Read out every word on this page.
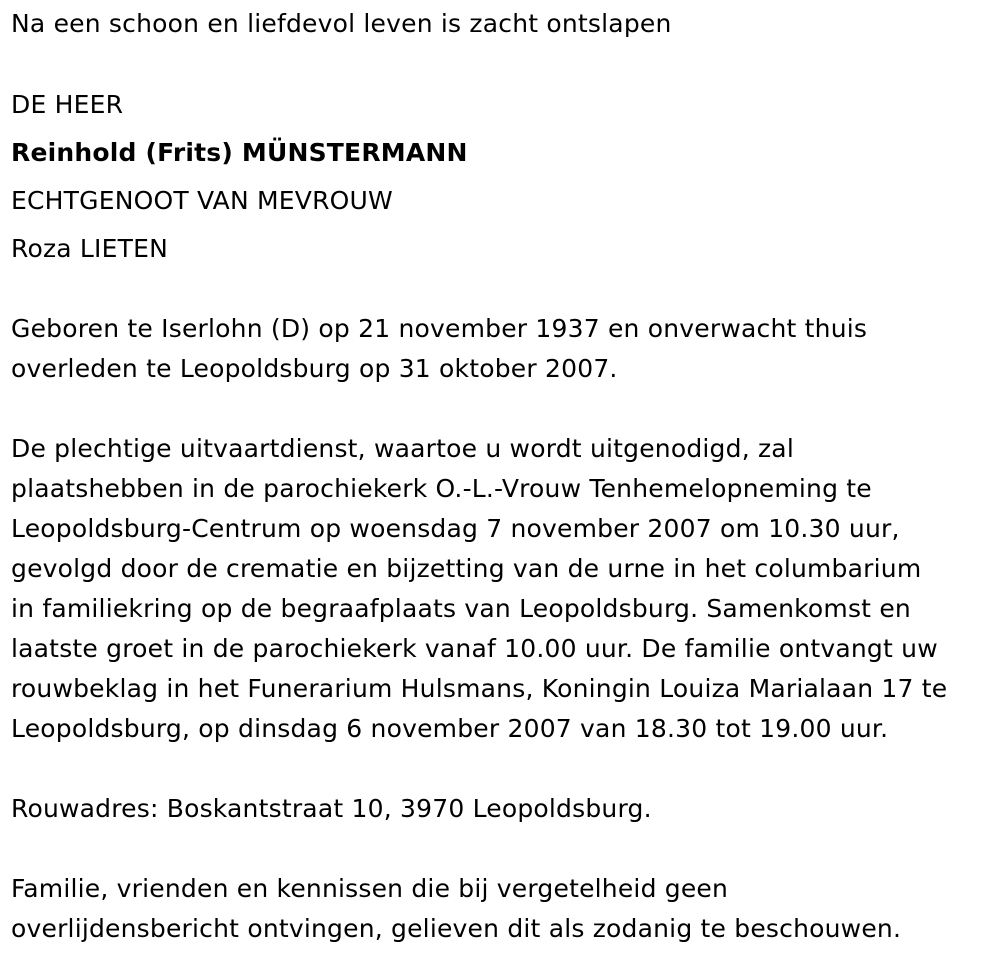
Na een schoon en liefdevol leven is zacht ontslapen
DE HEER
Reinhold (Frits) MÜNSTERMANN
ECHTGENOOT VAN MEVROUW
Roza LIETEN
Geboren te Iserlohn (D) op 21 november 1937 en onverwacht thuis
overleden te Leopoldsburg op 31 oktober 2007.
De plechtige uitvaartdienst, waartoe u wordt uitgenodigd, zal
plaatshebben in de parochiekerk O.-L.-Vrouw Tenhemelopneming te
Leopoldsburg-Centrum op woensdag 7 november 2007 om 10.30 uur,
gevolgd door de crematie en bijzetting van de urne in het columbarium
in familiekring op de begraafplaats van Leopoldsburg. Samenkomst en
laatste groet in de parochiekerk vanaf 10.00 uur. De familie ontvangt uw
rouwbeklag in het Funerarium Hulsmans, Koningin Louiza Marialaan 17 te
Leopoldsburg, op dinsdag 6 november 2007 van 18.30 tot 19.00 uur.
Rouwadres: Boskantstraat 10, 3970 Leopoldsburg.
Familie, vrienden en kennissen die bij vergetelheid geen
overlijdensbericht ontvingen, gelieven dit als zodanig te beschouwen.
